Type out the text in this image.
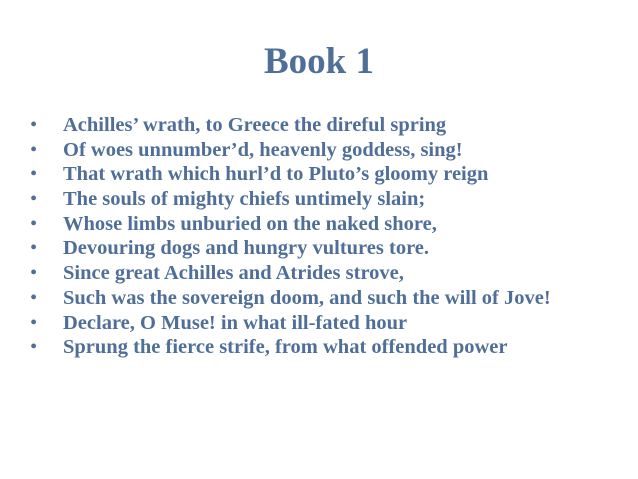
Book 1
• Achilles’ wrath, to Greece the direful spring
• Of woes unnumber’d, heavenly goddess, sing!
• That wrath which hurl’d to Pluto’s gloomy reign
• The souls of mighty chiefs untimely slain;
• Whose limbs unburied on the naked shore,
• Devouring dogs and hungry vultures tore.
• Since great Achilles and Atrides strove,
• Such was the sovereign doom, and such the will of Jove!
• Declare, O Muse! in what ill-fated hour
• Sprung the fierce strife, from what offended power
